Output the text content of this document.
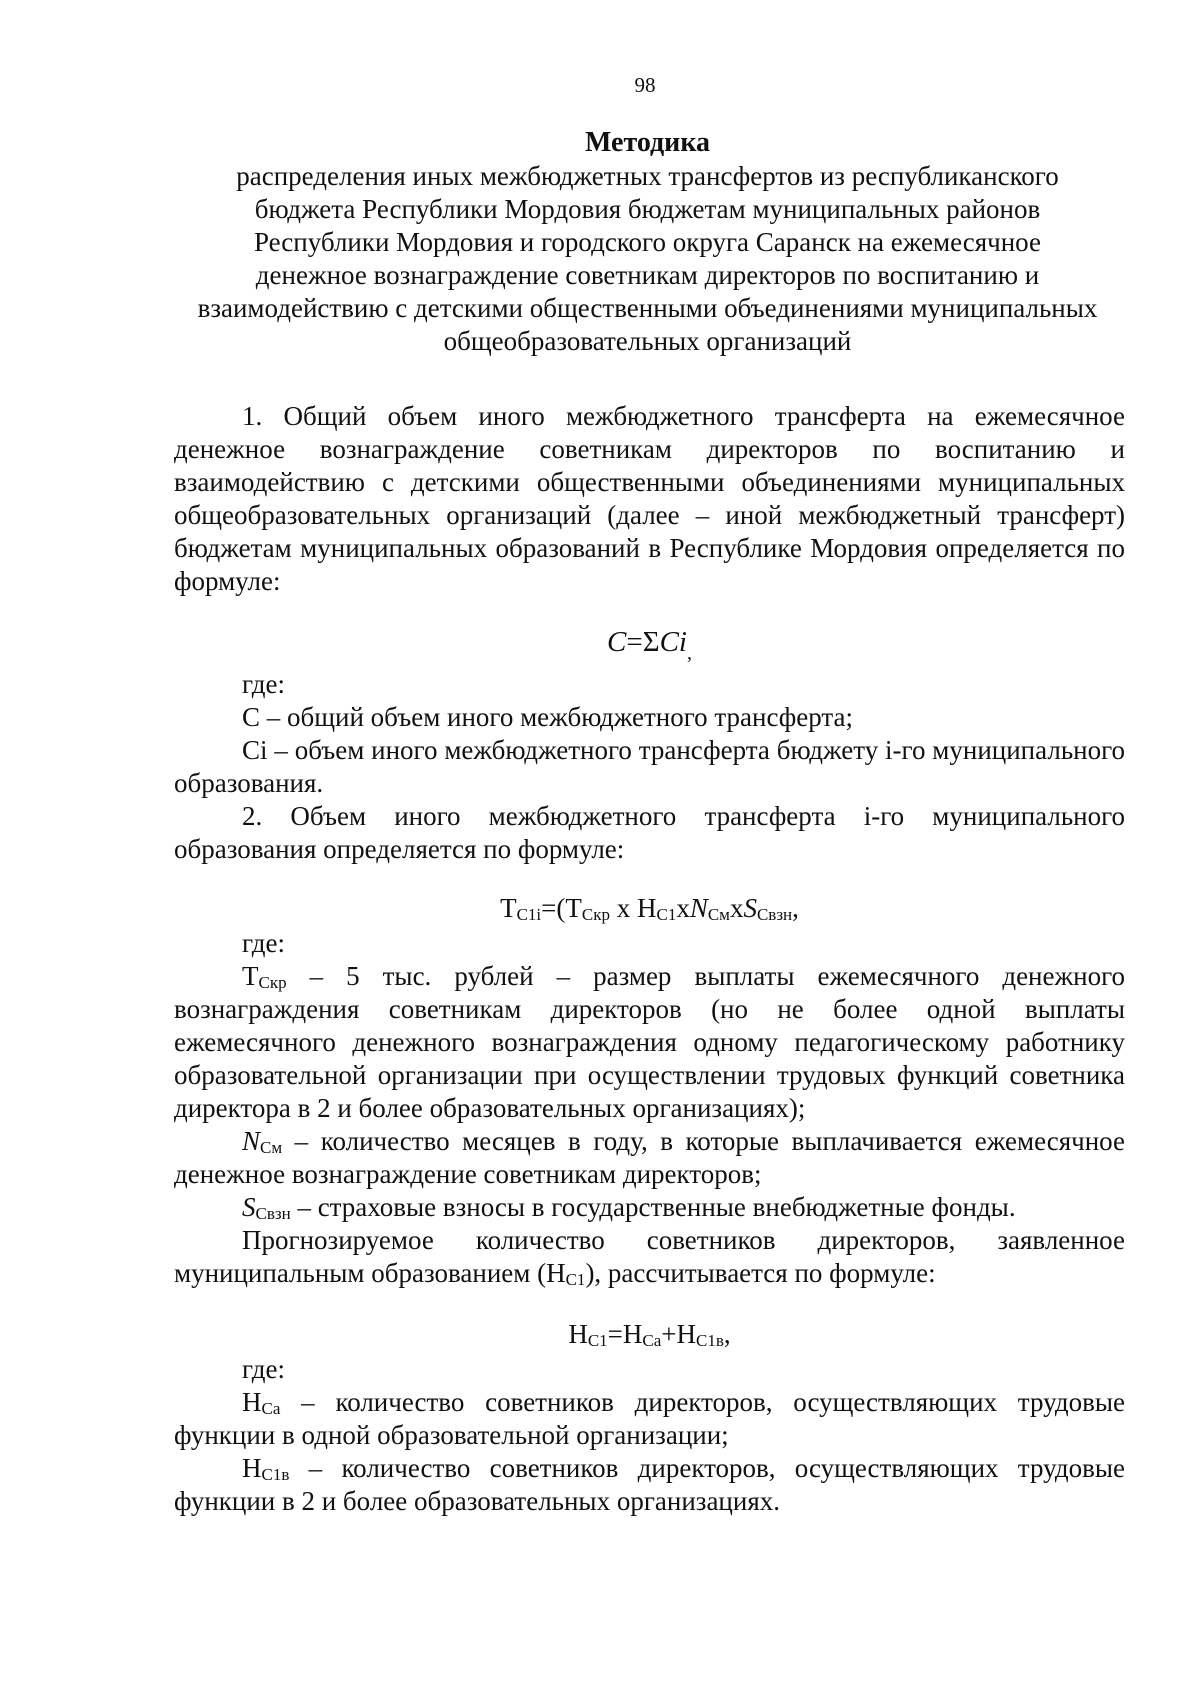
98
Методика
распределения иных межбюджетных трансфертов из республиканского
бюджета Республики Мордовия бюджетам муниципальных районов
Республики Мордовия и городского округа Саранск на ежемесячное
денежное вознаграждение советникам директоров по воспитанию и
взаимодействию с детскими общественными объединениями муниципальных
общеобразовательных организаций

1. Общий объем иного межбюджетного трансферта на ежемесячное денежное вознаграждение советникам директоров по воспитанию и взаимодействию с детскими общественными объединениями муниципальных общеобразовательных организаций (далее – иной межбюджетный трансферт) бюджетам муниципальных образований в Республике Мордовия определяется по формуле:

C=ΣCi$_,$

где:

С – общий объем иного межбюджетного трансферта;

Ci – объем иного межбюджетного трансферта бюджету i-го муниципального образования.

2. Объем иного межбюджетного трансферта i-го муниципального образования определяется по формуле:

$Т_{С1i}=(Т_{Скр}$ х $Н_{С1}хN_{См}хS_{Свзн}$,

где:

$Т_{Скр} - 5$ тыс. рублей – размер выплаты ежемесячного денежного вознаграждения советникам директоров (но не более одной выплаты ежемесячного денежного вознаграждения одному педагогическому работнику образовательной организации при осуществлении трудовых функций советника директора в 2 и более образовательных организациях);

$N_{См}$ – количество месяцев в году, в которые выплачивается ежемесячное денежное вознаграждение советникам директоров;

$S_{Свзн}$ – страховые взносы в государственные внебюджетные фонды.

Прогнозируемое количество советников директоров, заявленное муниципальным образованием $(Н_{С1})$, рассчитывается по формуле:

$Н_{С1}=Н_{Са}+Н_{С1в}$,

где:

$Н_{Са}$ – количество советников директоров, осуществляющих трудовые функции в одной образовательной организации;

$Н_{С1в}$ – количество советников директоров, осуществляющих трудовые функции в 2 и более образовательных организациях.
